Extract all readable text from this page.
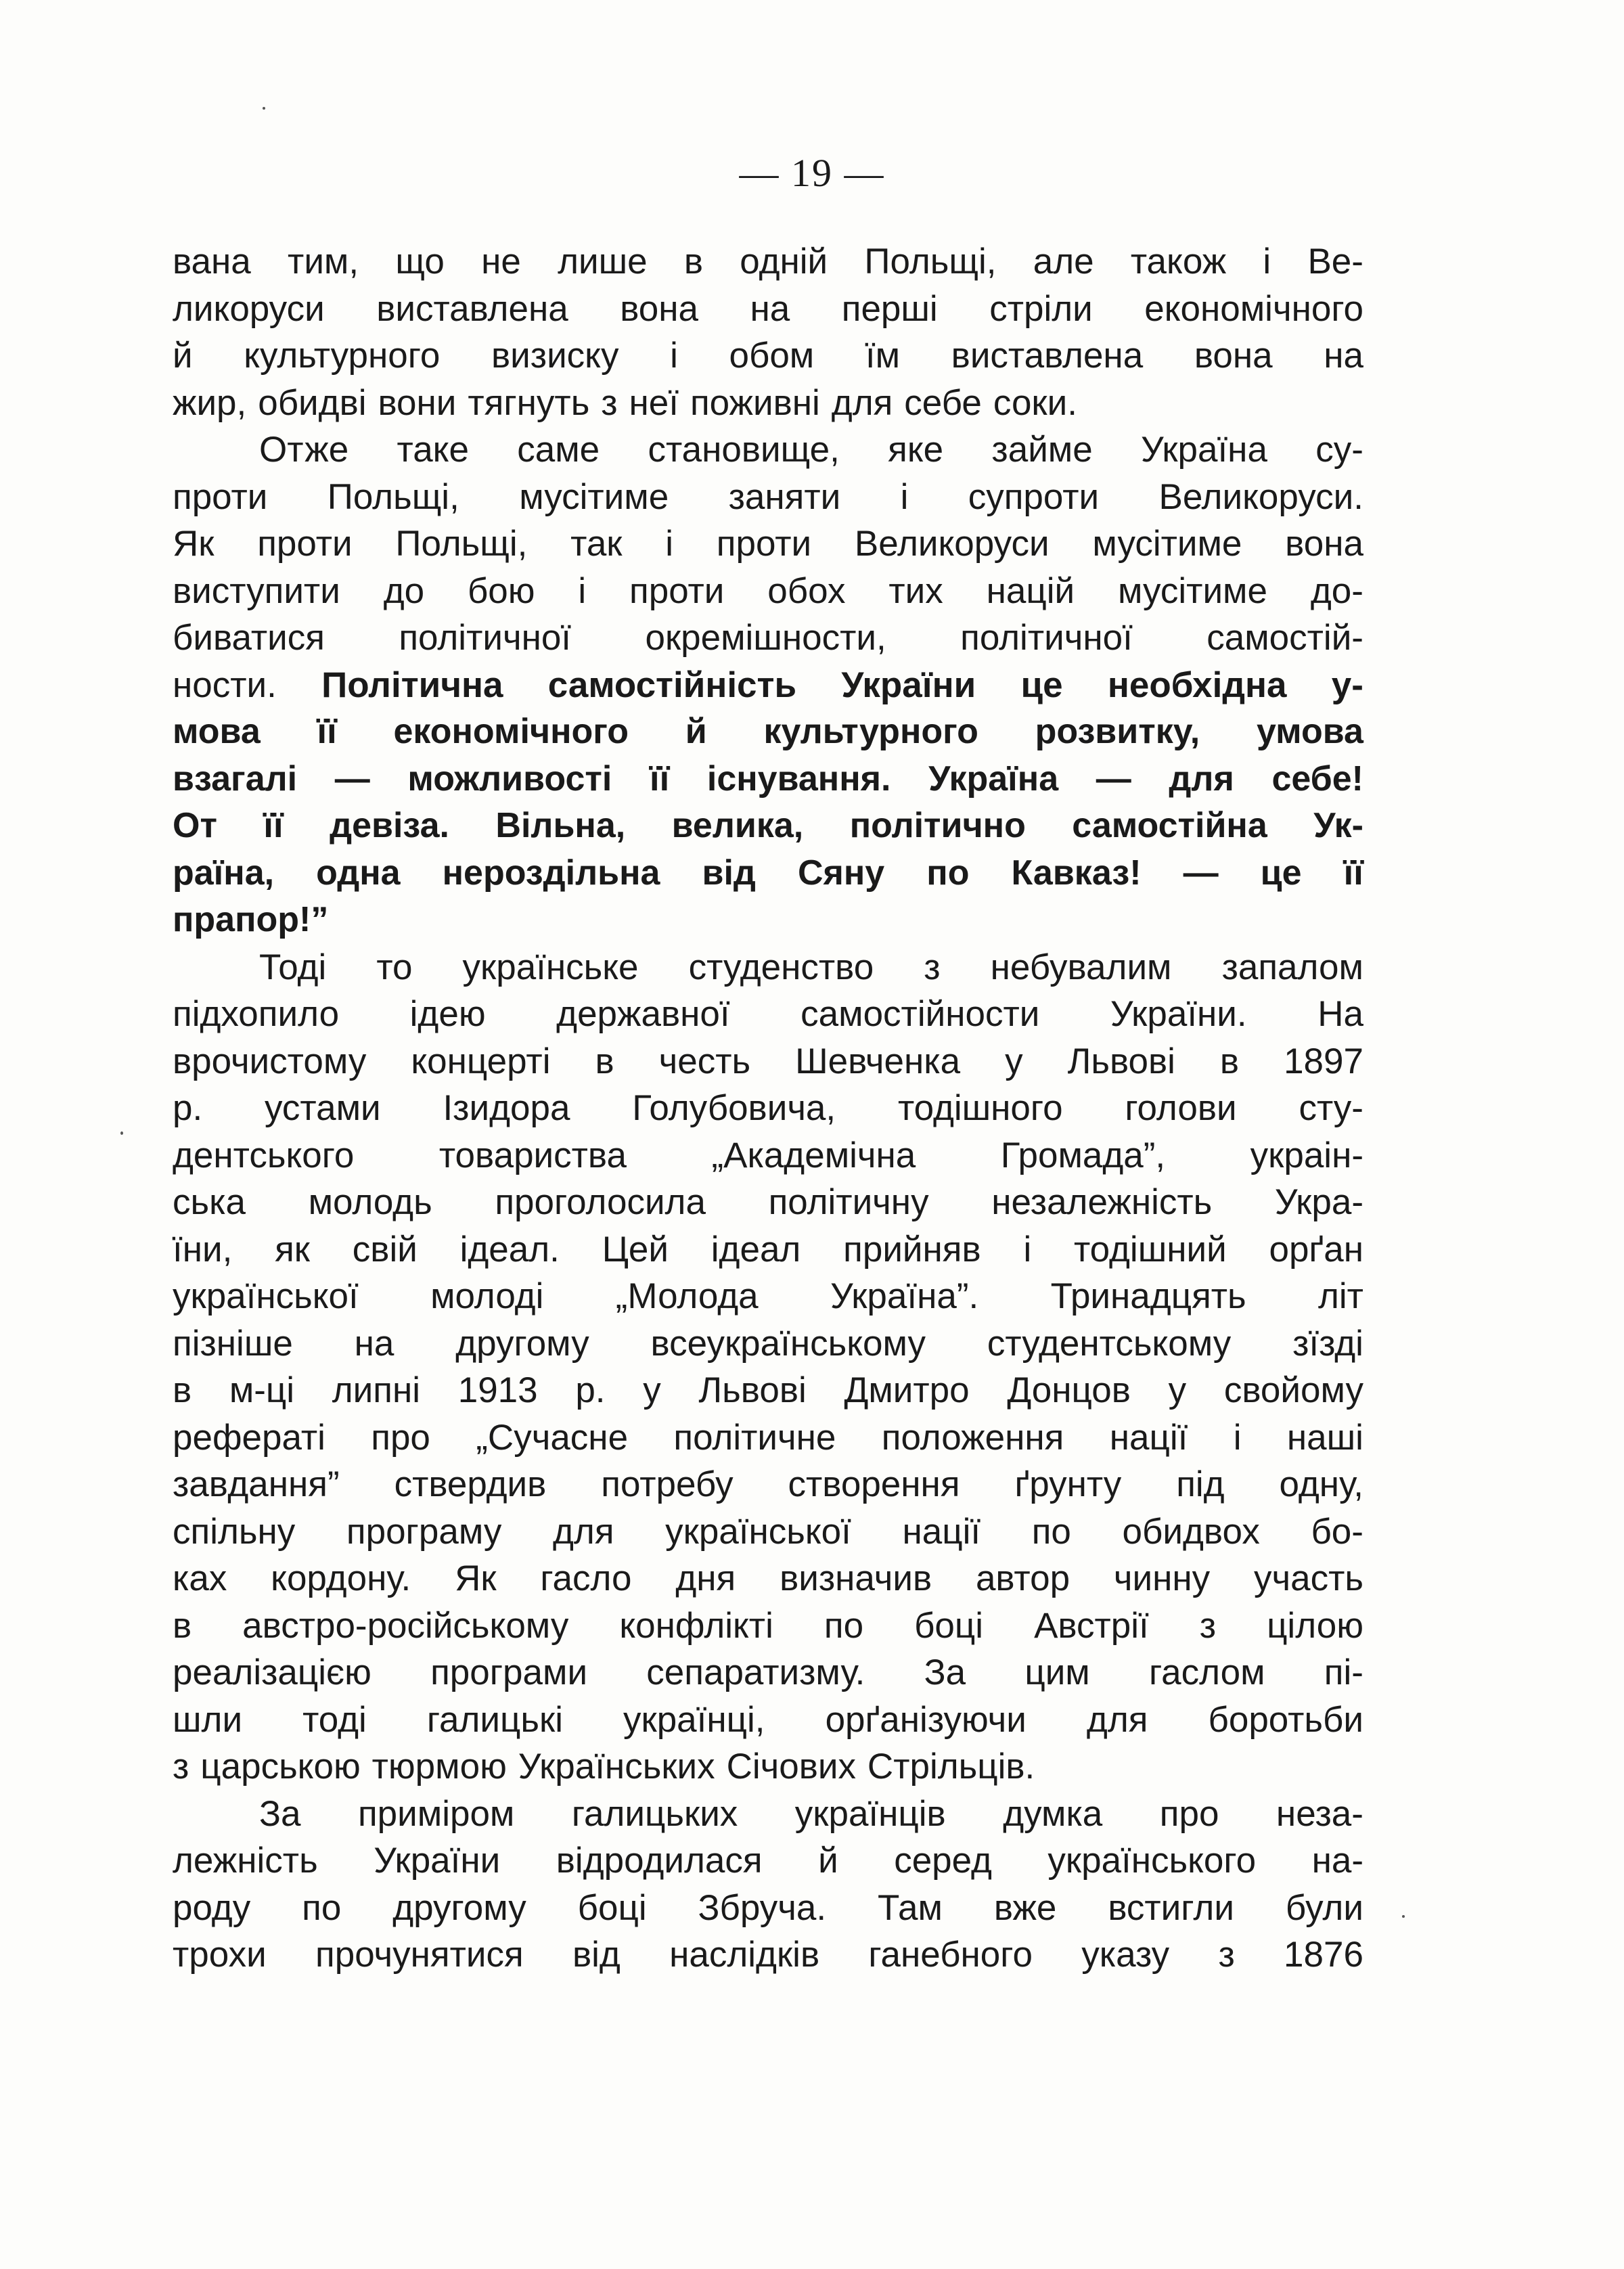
— 19 —
вана тим, що не лише в одній Польщі, але також і Ве-
ликоруси виставлена вона на перші стріли економічного
й культурного визиску і обом їм виставлена вона на
жир, обидві вони тягнуть з неї поживні для себе соки.
Отже таке саме становище, яке займе Україна су-
проти Польщі, мусітиме заняти і супроти Великоруси.
Як проти Польщі, так і проти Великоруси мусітиме вона
виступити до бою і проти обох тих націй мусітиме до-
биватися політичної окремішности, політичної самостій-
ности. Політична самостійність України це необхідна у-
мова її економічного й культурного розвитку, умова
взагалі — можливості її існування. Україна — для себе!
От її девіза. Вільна, велика, політично самостійна Ук-
раїна, одна нероздільна від Сяну по Кавказ! — це її
прапор!”
Тоді то українське студенство з небувалим запалом
підхопило ідею державної самостійности України. На
врочистому концерті в честь Шевченка у Львові в 1897
р. устами Ізидора Голубовича, тодішного голови сту-
дентського товариства „Академічна Громада”, украін-
ська молодь проголосила політичну незалежність Укра-
їни, як свій ідеал. Цей ідеал прийняв і тодішний орґан
української молоді „Молода Україна”. Тринадцять літ
пізніше на другому всеукраїнському студентському зїзді
в м-ці липні 1913 р. у Львові Дмитро Донцов у свойому
рефераті про „Сучасне політичне положення нації і наші
завдання” ствердив потребу створення ґрунту під одну,
спільну програму для української нації по обидвох бо-
ках кордону. Як гасло дня визначив автор чинну участь
в австро-російському конфлікті по боці Австрії з цілою
реалізацією програми сепаратизму. За цим гаслом пі-
шли тоді галицькі українці, орґанізуючи для боротьби
з царською тюрмою Українських Січових Стрільців.
За приміром галицьких українців думка про неза-
лежність України відродилася й серед українського на-
роду по другому боці Збруча. Там вже встигли були
трохи прочунятися від наслідків ганебного указу з 1876
